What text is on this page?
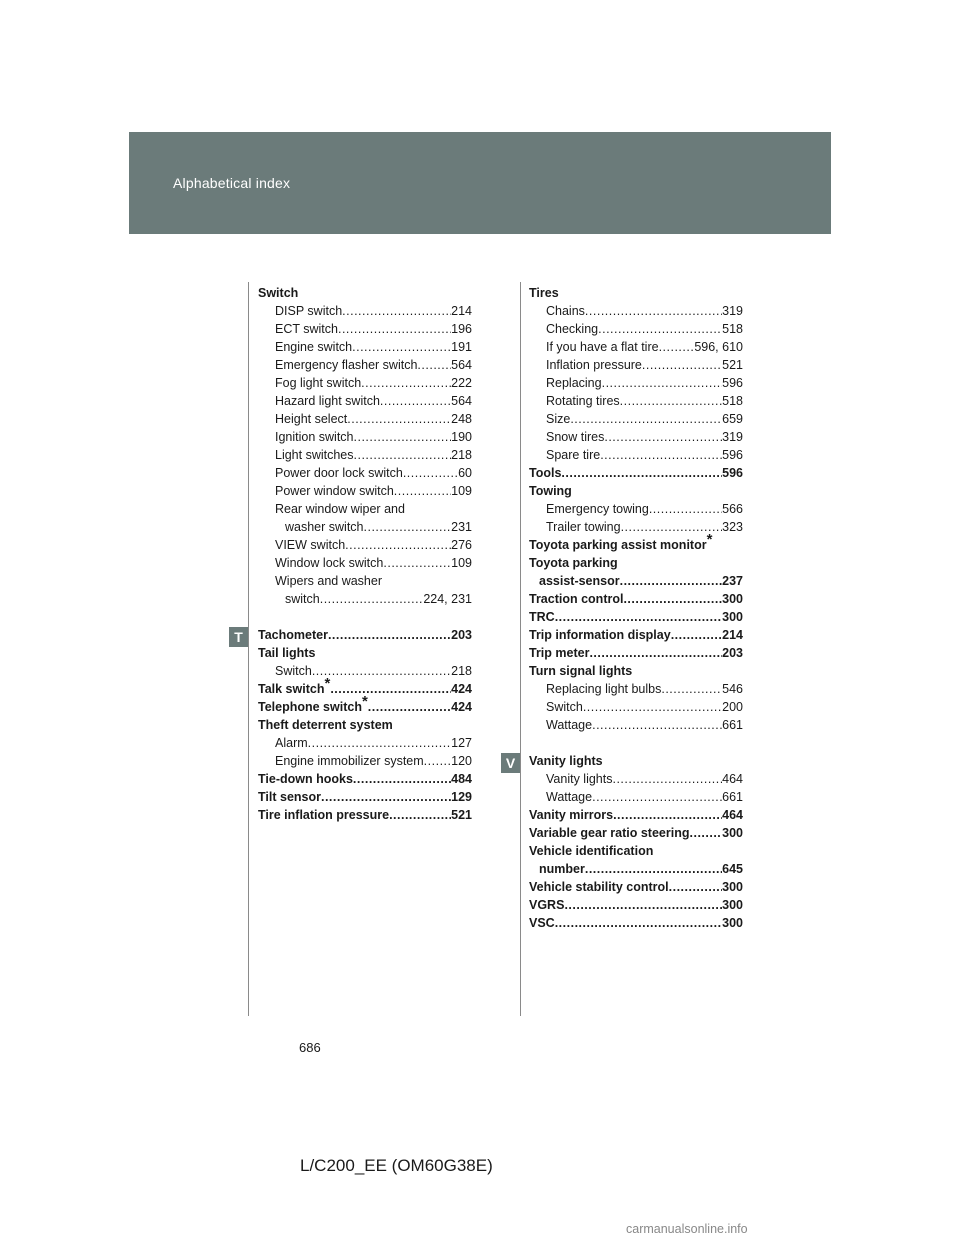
Alphabetical index
T
V
Switch
DISP switch .....	214
ECT switch .....	196
Engine switch .....	191
Emergency flasher switch .....	564
Fog light switch .....	222
Hazard light switch .....	564
Height select .....	248
Ignition switch .....	190
Light switches .....	218
Power door lock switch .....	60
Power window switch .....	109
Rear window wiper and
washer switch .....	231
VIEW switch .....	276
Window lock switch .....	109
Wipers and washer
switch .....	224, 231
Tachometer .....	203
Tail lights
Switch .....	218
Talk switch* .....	424
Telephone switch* .....	424
Theft deterrent system
Alarm .....	127
Engine immobilizer system ..... 120
Tie-down hooks .....	484
Tilt sensor .....	129
Tire inflation pressure .....	521
Tires
Chains .....	319
Checking .....	518
If you have a flat tire .....	596, 610
Inflation pressure .....	521
Replacing .....	596
Rotating tires .....	518
Size .....	659
Snow tires .....	319
Spare tire .....	596
Tools .....	596
Towing
Emergency towing .....	566
Trailer towing .....	323
Toyota parking assist monitor*
Toyota parking
assist-sensor .....	237
Traction control .....	300
TRC .....	300
Trip information display .....	214
Trip meter .....	203
Turn signal lights
Replacing light bulbs .....	546
Switch .....	200
Wattage .....	661
Vanity lights
Vanity lights .....	464
Wattage .....	661
Vanity mirrors .....	464
Variable gear ratio steering .....	300
Vehicle identification
number .....	645
Vehicle stability control .....	300
VGRS .....	300
VSC .....	300
686
L/C200_EE (OM60G38E)
carmanualsonline.info
